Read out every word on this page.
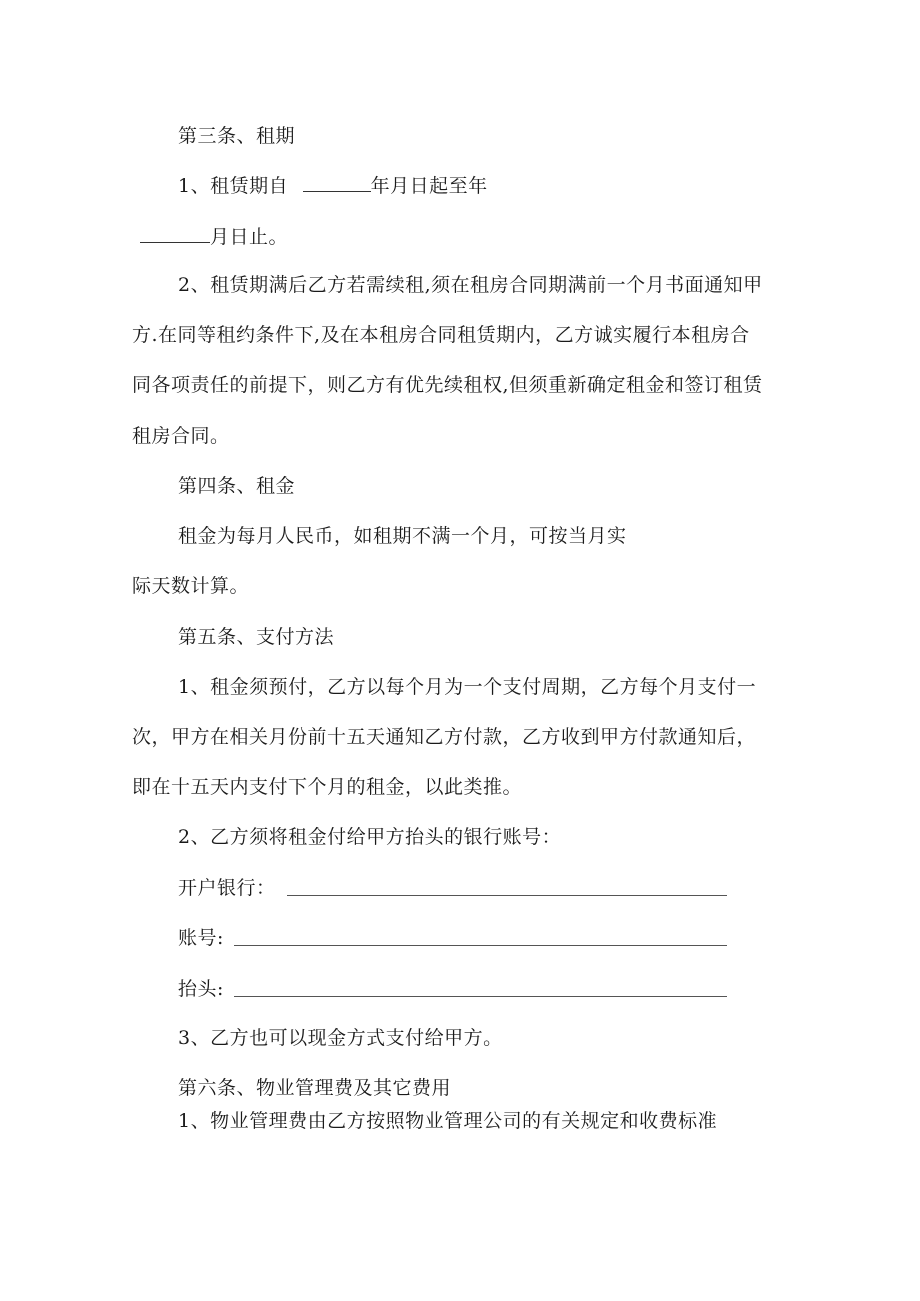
第三条、租期
1、租赁期自	年月日起至年
月日止。
2、租赁期满后乙方若需续租,须在租房合同期满前一个月书面通知甲
方.在同等租约条件下,及在本租房合同租赁期内，乙方诚实履行本租房合
同各项责任的前提下，则乙方有优先续租权,但须重新确定租金和签订租赁
租房合同。
第四条、租金
租金为每月人民币，如租期不满一个月，可按当月实
际天数计算。
第五条、支付方法
1、租金须预付，乙方以每个月为一个支付周期，乙方每个月支付一
次，甲方在相关月份前十五天通知乙方付款，乙方收到甲方付款通知后，
即在十五天内支付下个月的租金，以此类推。
2、乙方须将租金付给甲方抬头的银行账号：
开户银行：
账号:
抬头:
3、乙方也可以现金方式支付给甲方。
第六条、物业管理费及其它费用
1、物业管理费由乙方按照物业管理公司的有关规定和收费标准
